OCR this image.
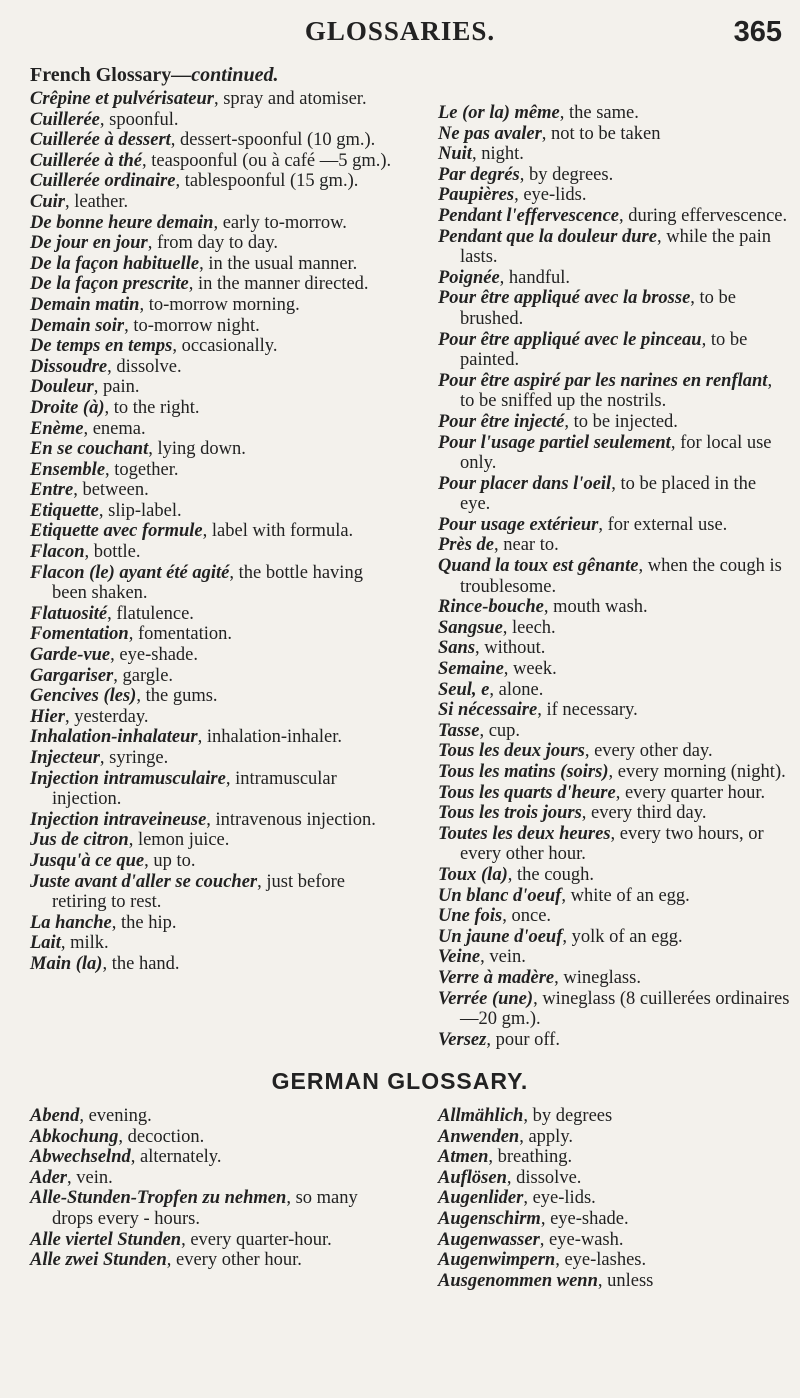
GLOSSARIES.	365
French Glossary—continued.

Crêpine et pulvérisateur, spray and atomiser.

Cuillerée, spoonful.

Cuillerée à dessert, dessert-spoonful (10 gm.).

Cuillerée à thé, teaspoonful (ou à café —5 gm.).

Cuillerée ordinaire, tablespoonful (15 gm.).

Cuir, leather.

De bonne heure demain, early to-morrow.

De jour en jour, from day to day.

De la façon habituelle, in the usual manner.

De la façon prescrite, in the manner directed.

Demain matin, to-morrow morning.

Demain soir, to-morrow night.

De temps en temps, occasionally.

Dissoudre, dissolve.

Douleur, pain.

Droite (à), to the right.

Enème, enema.

En se couchant, lying down.

Ensemble, together.

Entre, between.

Etiquette, slip-label.

Etiquette avec formule, label with formula.

Flacon, bottle.

Flacon (le) ayant été agité, the bottle having been shaken.

Flatuosité, flatulence.

Fomentation, fomentation.

Garde-vue, eye-shade.

Gargariser, gargle.

Gencives (les), the gums.

Hier, yesterday.

Inhalation-inhalateur, inhalation-inhaler.

Injecteur, syringe.

Injection intramusculaire, intramuscular injection.

Injection intraveineuse, intravenous injection.

Jus de citron, lemon juice.

Jusqu'à ce que, up to.

Juste avant d'aller se coucher, just before retiring to rest.

La hanche, the hip.

Lait, milk.

Main (la), the hand.

Le (or la) même, the same.

Ne pas avaler, not to be taken

Nuit, night.

Par degrés, by degrees.

Paupières, eye-lids.

Pendant l'effervescence, during effervescence.

Pendant que la douleur dure, while the pain lasts.

Poignée, handful.

Pour être appliqué avec la brosse, to be brushed.

Pour être appliqué avec le pinceau, to be painted.

Pour être aspiré par les narines en renflant, to be sniffed up the nostrils.

Pour être injecté, to be injected.

Pour l'usage partiel seulement, for local use only.

Pour placer dans l'oeil, to be placed in the eye.

Pour usage extérieur, for external use.

Près de, near to.

Quand la toux est gênante, when the cough is troublesome.

Rince-bouche, mouth wash.

Sangsue, leech.

Sans, without.

Semaine, week.

Seul, e, alone.

Si nécessaire, if necessary.

Tasse, cup.

Tous les deux jours, every other day.

Tous les matins (soirs), every morning (night).

Tous les quarts d'heure, every quarter hour.

Tous les trois jours, every third day.

Toutes les deux heures, every two hours, or every other hour.

Toux (la), the cough.

Un blanc d'oeuf, white of an egg.

Une fois, once.

Un jaune d'oeuf, yolk of an egg.

Veine, vein.

Verre à madère, wineglass.

Verrée (une), wineglass (8 cuillerées ordinaires—20 gm.).

Versez, pour off.

GERMAN GLOSSARY.

Abend, evening.

Abkochung, decoction.

Abwechselnd, alternately.

Ader, vein.

Alle-Stunden-Tropfen zu nehmen, so many drops every - hours.

Alle viertel Stunden, every quarter-hour.

Alle zwei Stunden, every other hour.

Allmählich, by degrees

Anwenden, apply.

Atmen, breathing.

Auflösen, dissolve.

Augenlider, eye-lids.

Augenschirm, eye-shade.

Augenwasser, eye-wash.

Augenwimpern, eye-lashes.

Ausgenommen wenn, unless
